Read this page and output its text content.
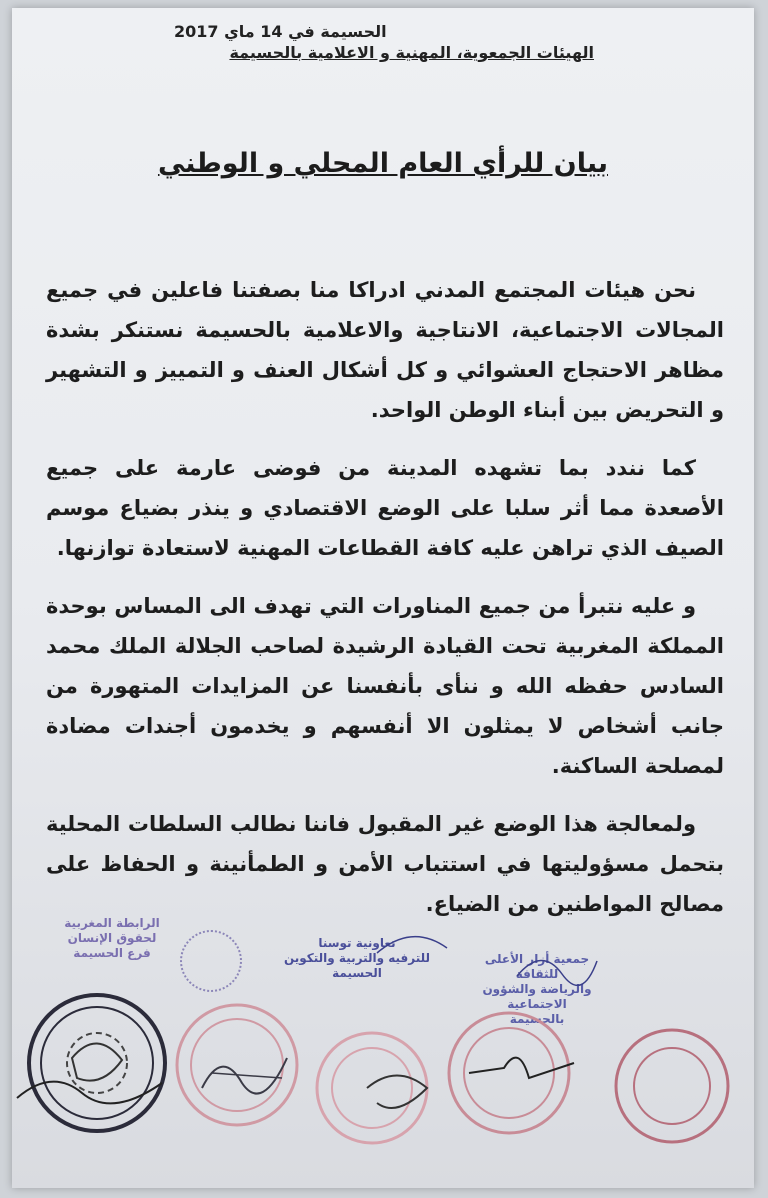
الحسيمة في 14 ماي 2017
الهيئات الجمعوية، المهنية و الاعلامية بالحسيمة
بيان للرأي العام المحلي و الوطني

نحن هيئات المجتمع المدني ادراكا منا بصفتنا فاعلين في جميع المجالات الاجتماعية، الانتاجية والاعلامية بالحسيمة نستنكر بشدة مظاهر الاحتجاج العشوائي و كل أشكال العنف و التمييز و التشهير و التحريض بين أبناء الوطن الواحد.

كما نندد بما تشهده المدينة من فوضى عارمة على جميع الأصعدة مما أثر سلبا على الوضع الاقتصادي و ينذر بضياع موسم الصيف الذي تراهن عليه كافة القطاعات المهنية لاستعادة توازنها.

و عليه نتبرأ من جميع المناورات التي تهدف الى المساس بوحدة المملكة المغربية تحت القيادة الرشيدة لصاحب الجلالة الملك محمد السادس حفظه الله و ننأى بأنفسنا عن المزايدات المتهورة من جانب أشخاص لا يمثلون الا أنفسهم و يخدمون أجندات مضادة لمصلحة الساكنة.

ولمعالجة هذا الوضع غير المقبول فاننا نطالب السلطات المحلية بتحمل مسؤوليتها في استتباب الأمن و الطمأنينة و الحفاظ على مصالح المواطنين من الضياع.

الرابطة المغربية
لحقوق الإنسان
فرع الحسيمة
تعاونية توسنا
للترفيه والتربية والتكوين
الحسيمة
جمعية أزار الأعلى للثقافة
والرياضة والشؤون الاجتماعية
بالحسيمة
